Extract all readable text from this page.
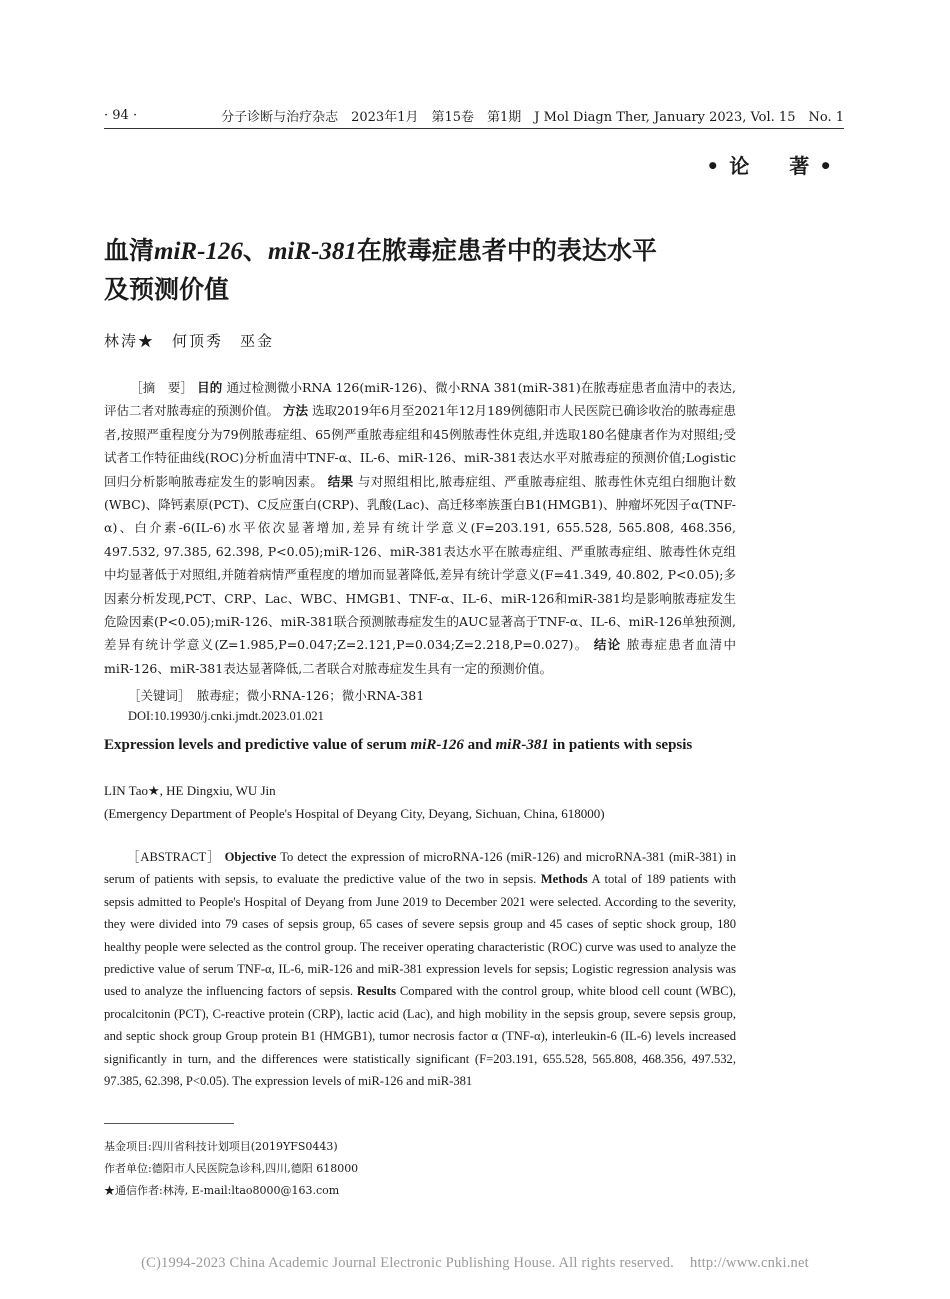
· 94 ·	分子诊断与治疗杂志　2023年1月　第15卷　第1期　J Mol Diagn Ther, January 2023, Vol. 15　No. 1
•论　著•
血清miR-126、miR-381在脓毒症患者中的表达水平
及预测价值
林涛★　何顶秀　巫金
［摘　要］ 目的 通过检测微小RNA 126(miR-126)、微小RNA 381(miR-381)在脓毒症患者血清中的表达,评估二者对脓毒症的预测价值。 方法 选取2019年6月至2021年12月189例德阳市人民医院已确诊收治的脓毒症患者,按照严重程度分为79例脓毒症组、65例严重脓毒症组和45例脓毒性休克组,并选取180名健康者作为对照组;受试者工作特征曲线(ROC)分析血清中TNF-α、IL-6、miR-126、miR-381表达水平对脓毒症的预测价值;Logistic回归分析影响脓毒症发生的影响因素。 结果 与对照组相比,脓毒症组、严重脓毒症组、脓毒性休克组白细胞计数(WBC)、降钙素原(PCT)、C反应蛋白(CRP)、乳酸(Lac)、高迁移率族蛋白B1(HMGB1)、肿瘤坏死因子α(TNF-α)、白介素-6(IL-6)水平依次显著增加,差异有统计学意义(F=203.191, 655.528, 565.808, 468.356, 497.532, 97.385, 62.398, P<0.05);miR-126、miR-381表达水平在脓毒症组、严重脓毒症组、脓毒性休克组中均显著低于对照组,并随着病情严重程度的增加而显著降低,差异有统计学意义(F=41.349, 40.802, P<0.05);多因素分析发现,PCT、CRP、Lac、WBC、HMGB1、TNF-α、IL-6、miR-126和miR-381均是影响脓毒症发生危险因素(P<0.05);miR-126、miR-381联合预测脓毒症发生的AUC显著高于TNF-α、IL-6、miR-126单独预测,差异有统计学意义(Z=1.985,P=0.047;Z=2.121,P=0.034;Z=2.218,P=0.027)。 结论 脓毒症患者血清中miR-126、miR-381表达显著降低,二者联合对脓毒症发生具有一定的预测价值。
［关键词］　脓毒症；微小RNA-126；微小RNA-381
DOI:10.19930/j.cnki.jmdt.2023.01.021
Expression levels and predictive value of serum miR-126 and miR-381 in patients with sepsis
LIN Tao★, HE Dingxiu, WU Jin
(Emergency Department of People's Hospital of Deyang City, Deyang, Sichuan, China, 618000)
［ABSTRACT］ Objective To detect the expression of microRNA-126 (miR-126) and microRNA-381 (miR-381) in serum of patients with sepsis, to evaluate the predictive value of the two in sepsis. Methods A total of 189 patients with sepsis admitted to People's Hospital of Deyang from June 2019 to December 2021 were selected. According to the severity, they were divided into 79 cases of sepsis group, 65 cases of severe sepsis group and 45 cases of septic shock group, 180 healthy people were selected as the control group. The receiver operating characteristic (ROC) curve was used to analyze the predictive value of serum TNF-α, IL-6, miR-126 and miR-381 expression levels for sepsis; Logistic regression analysis was used to analyze the influencing factors of sepsis. Results Compared with the control group, white blood cell count (WBC), procalcitonin (PCT), C-reactive protein (CRP), lactic acid (Lac), and high mobility in the sepsis group, severe sepsis group, and septic shock group Group protein B1 (HMGB1), tumor necrosis factor α (TNF-α), interleukin-6 (IL-6) levels increased significantly in turn, and the differences were statistically significant (F=203.191, 655.528, 565.808, 468.356, 497.532, 97.385, 62.398, P<0.05). The expression levels of miR-126 and miR-381
基金项目:四川省科技计划项目(2019YFS0443)
作者单位:德阳市人民医院急诊科,四川,德阳 618000
★通信作者:林涛, E-mail:ltao8000@163.com
(C)1994-2023 China Academic Journal Electronic Publishing House. All rights reserved. http://www.cnki.net
